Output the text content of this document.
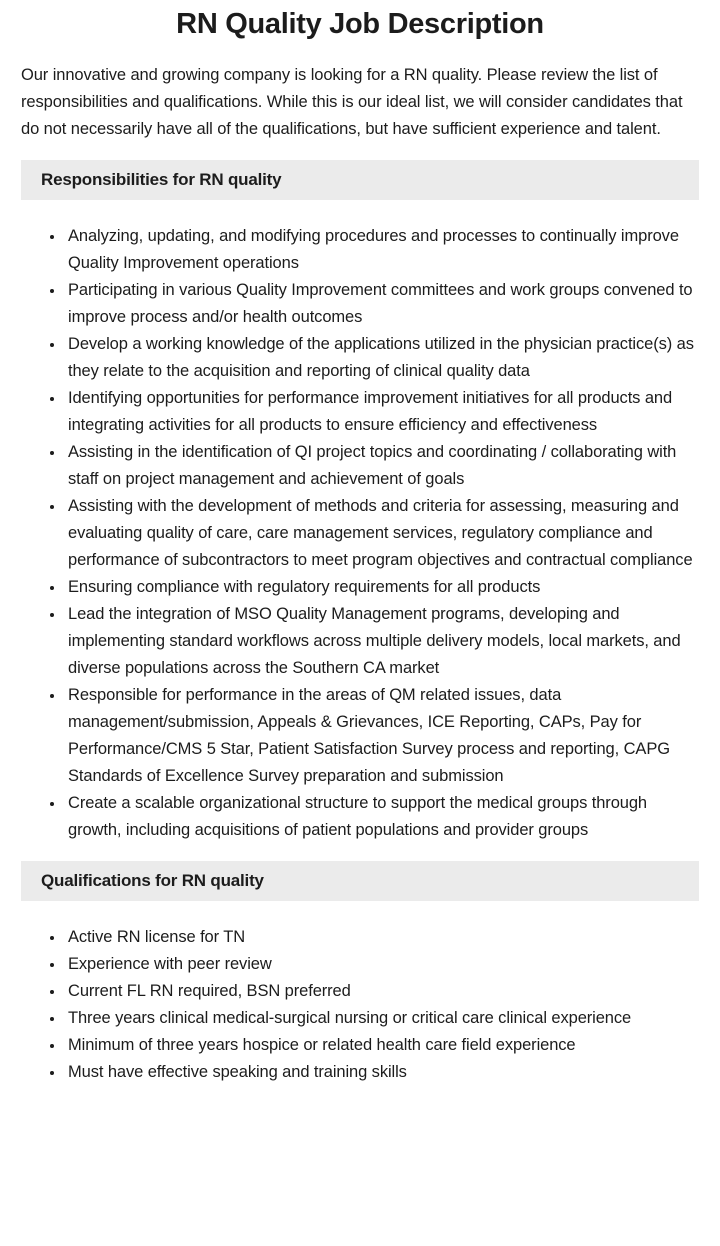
RN Quality Job Description

Our innovative and growing company is looking for a RN quality. Please review the list of responsibilities and qualifications. While this is our ideal list, we will consider candidates that do not necessarily have all of the qualifications, but have sufficient experience and talent.

Responsibilities for RN quality
• Analyzing, updating, and modifying procedures and processes to continually improve Quality Improvement operations
• Participating in various Quality Improvement committees and work groups convened to improve process and/or health outcomes
• Develop a working knowledge of the applications utilized in the physician practice(s) as they relate to the acquisition and reporting of clinical quality data
• Identifying opportunities for performance improvement initiatives for all products and integrating activities for all products to ensure efficiency and effectiveness
• Assisting in the identification of QI project topics and coordinating / collaborating with staff on project management and achievement of goals
• Assisting with the development of methods and criteria for assessing, measuring and evaluating quality of care, care management services, regulatory compliance and performance of subcontractors to meet program objectives and contractual compliance
• Ensuring compliance with regulatory requirements for all products
• Lead the integration of MSO Quality Management programs, developing and implementing standard workflows across multiple delivery models, local markets, and diverse populations across the Southern CA market
• Responsible for performance in the areas of QM related issues, data management/submission, Appeals & Grievances, ICE Reporting, CAPs, Pay for Performance/CMS 5 Star, Patient Satisfaction Survey process and reporting, CAPG Standards of Excellence Survey preparation and submission
• Create a scalable organizational structure to support the medical groups through growth, including acquisitions of patient populations and provider groups
Qualifications for RN quality
• Active RN license for TN
• Experience with peer review
• Current FL RN required, BSN preferred
• Three years clinical medical-surgical nursing or critical care clinical experience
• Minimum of three years hospice or related health care field experience
• Must have effective speaking and training skills
